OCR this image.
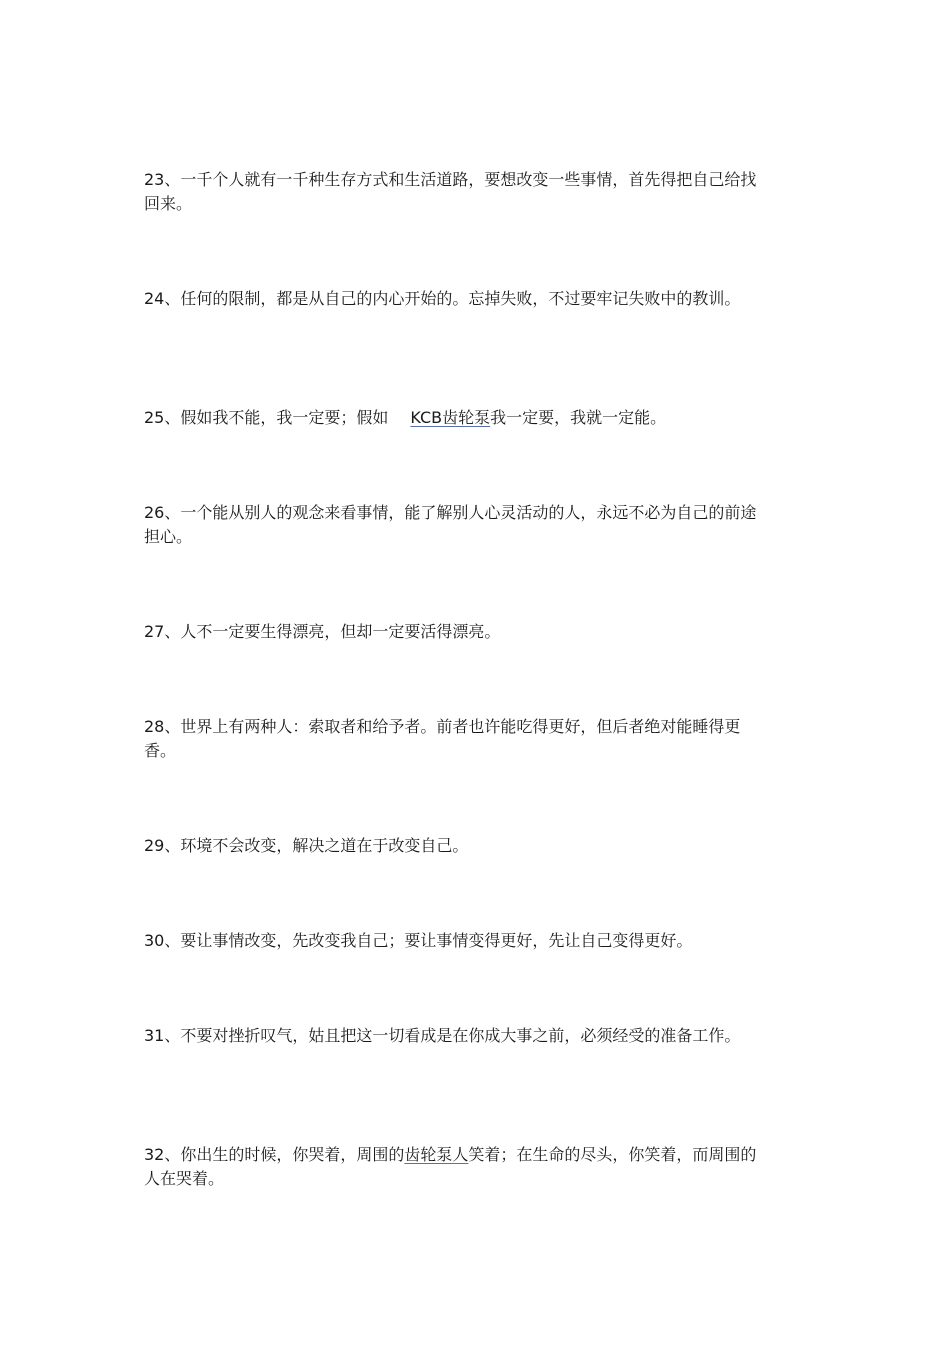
23、一千个人就有一千种生存方式和生活道路，要想改变一些事情，首先得把自己给找回来。

24、任何的限制，都是从自己的内心开始的。忘掉失败，不过要牢记失败中的教训。

25、假如我不能，我一定要；假如 KCB齿轮泵我一定要，我就一定能。

26、一个能从别人的观念来看事情，能了解别人心灵活动的人，永远不必为自己的前途担心。

27、人不一定要生得漂亮，但却一定要活得漂亮。

28、世界上有两种人：索取者和给予者。前者也许能吃得更好，但后者绝对能睡得更香。

29、环境不会改变，解决之道在于改变自己。

30、要让事情改变，先改变我自己；要让事情变得更好，先让自己变得更好。

31、不要对挫折叹气，姑且把这一切看成是在你成大事之前，必须经受的准备工作。

32、你出生的时候，你哭着，周围的齿轮泵人笑着；在生命的尽头，你笑着，而周围的人在哭着。
